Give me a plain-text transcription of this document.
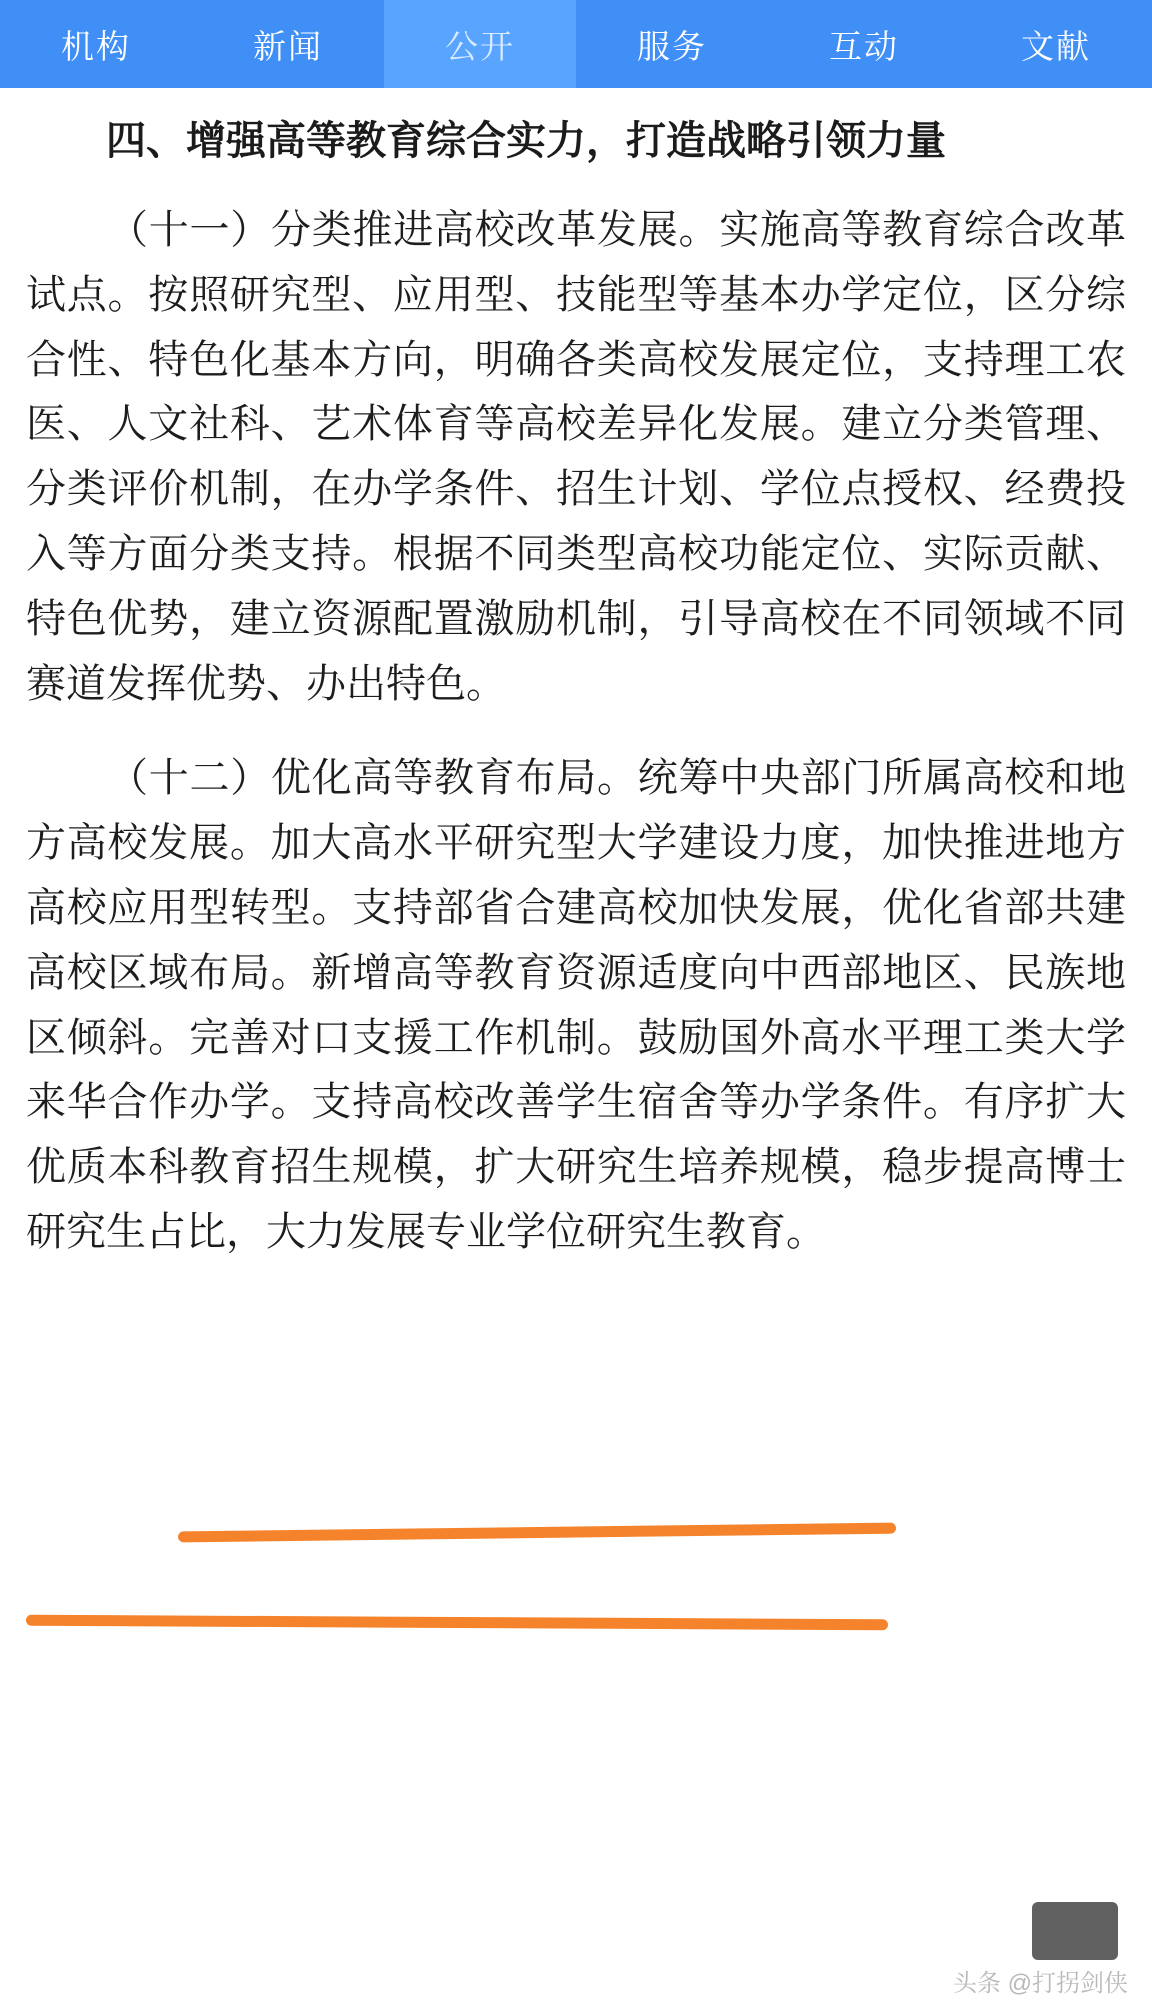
机构	新闻	公开	服务	互动	文献
四、增强高等教育综合实力，打造战略引领力量

（十一）分类推进高校改革发展。实施高等教育综合改革试点。按照研究型、应用型、技能型等基本办学定位，区分综合性、特色化基本方向，明确各类高校发展定位，支持理工农医、人文社科、艺术体育等高校差异化发展。建立分类管理、分类评价机制，在办学条件、招生计划、学位点授权、经费投入等方面分类支持。根据不同类型高校功能定位、实际贡献、特色优势，建立资源配置激励机制，引导高校在不同领域不同赛道发挥优势、办出特色。

（十二）优化高等教育布局。统筹中央部门所属高校和地方高校发展。加大高水平研究型大学建设力度，加快推进地方高校应用型转型。支持部省合建高校加快发展，优化省部共建高校区域布局。新增高等教育资源适度向中西部地区、民族地区倾斜。完善对口支援工作机制。鼓励国外高水平理工类大学来华合作办学。支持高校改善学生宿舍等办学条件。有序扩大优质本科教育招生规模，扩大研究生培养规模，稳步提高博士研究生占比，大力发展专业学位研究生教育。

头条 @打拐剑侠
